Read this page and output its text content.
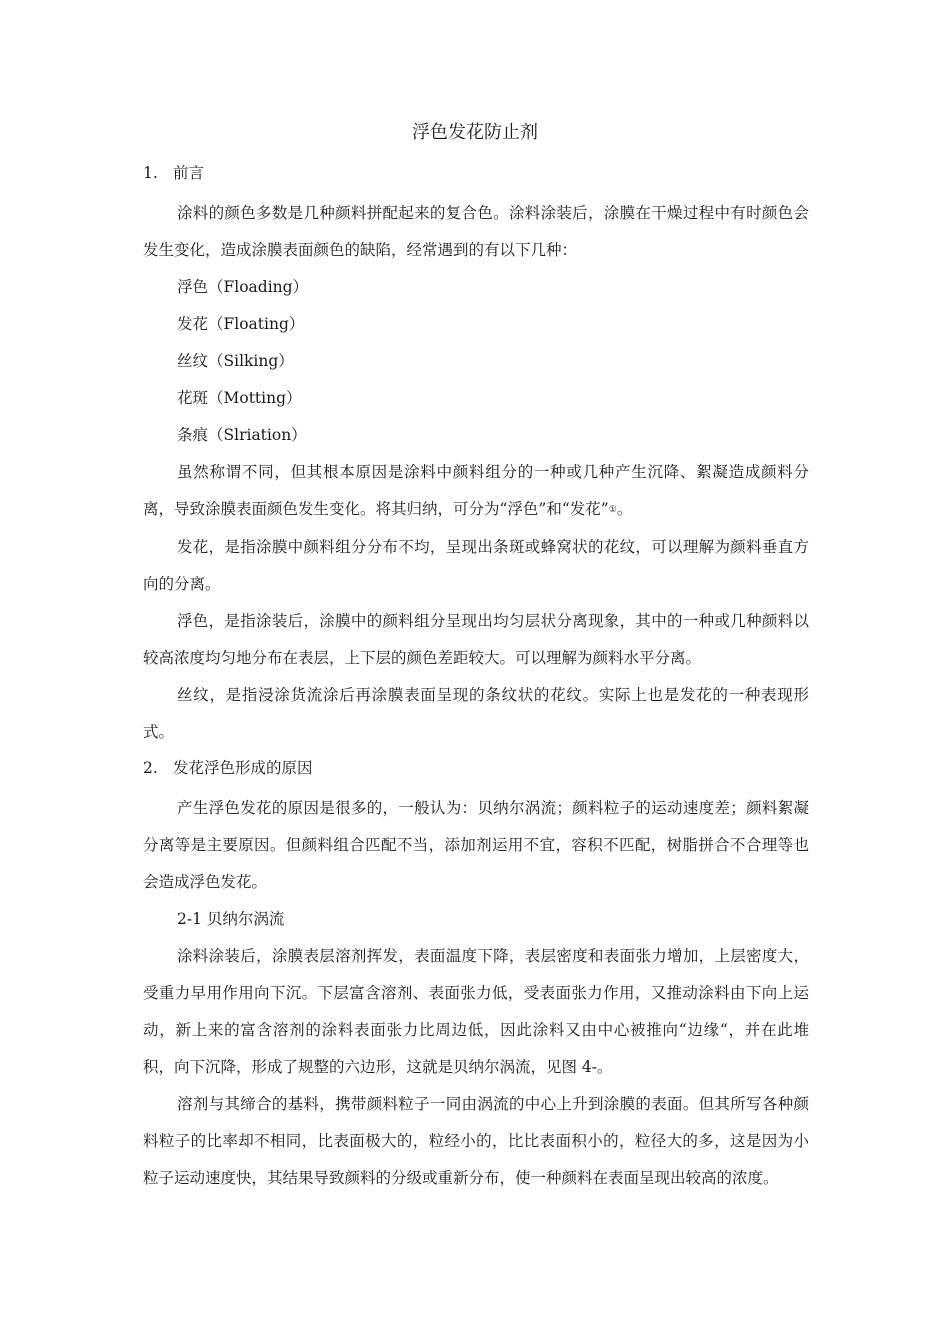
浮色发花防止剂
1. 前言

涂料的颜色多数是几种颜料拼配起来的复合色。涂料涂装后，涂膜在干燥过程中有时颜色会发生变化，造成涂膜表面颜色的缺陷，经常遇到的有以下几种：

浮色（Floading）
发花（Floating）
丝纹（Silking）
花斑（Motting）
条痕（Slriation）

虽然称谓不同，但其根本原因是涂料中颜料组分的一种或几种产生沉降、絮凝造成颜料分离，导致涂膜表面颜色发生变化。将其归纳，可分为“浮色”和“发花”①。

发花，是指涂膜中颜料组分分布不均，呈现出条斑或蜂窝状的花纹，可以理解为颜料垂直方向的分离。

浮色，是指涂装后，涂膜中的颜料组分呈现出均匀层状分离现象，其中的一种或几种颜料以较高浓度均匀地分布在表层，上下层的颜色差距较大。可以理解为颜料水平分离。

丝纹，是指浸涂货流涂后再涂膜表面呈现的条纹状的花纹。实际上也是发花的一种表现形式。

2. 发花浮色形成的原因

产生浮色发花的原因是很多的，一般认为：贝纳尔涡流；颜料粒子的运动速度差；颜料絮凝分离等是主要原因。但颜料组合匹配不当，添加剂运用不宜，容积不匹配，树脂拼合不合理等也会造成浮色发花。

2-1 贝纳尔涡流

涂料涂装后，涂膜表层溶剂挥发，表面温度下降，表层密度和表面张力增加，上层密度大，受重力早用作用向下沉。下层富含溶剂、表面张力低，受表面张力作用，又推动涂料由下向上运动，新上来的富含溶剂的涂料表面张力比周边低，因此涂料又由中心被推向“边缘“，并在此堆积，向下沉降，形成了规整的六边形，这就是贝纳尔涡流，见图 4-。

溶剂与其缔合的基料，携带颜料粒子一同由涡流的中心上升到涂膜的表面。但其所写各种颜料粒子的比率却不相同，比表面极大的，粒经小的，比比表面积小的，粒径大的多，这是因为小粒子运动速度快，其结果导致颜料的分级或重新分布，使一种颜料在表面呈现出较高的浓度。
